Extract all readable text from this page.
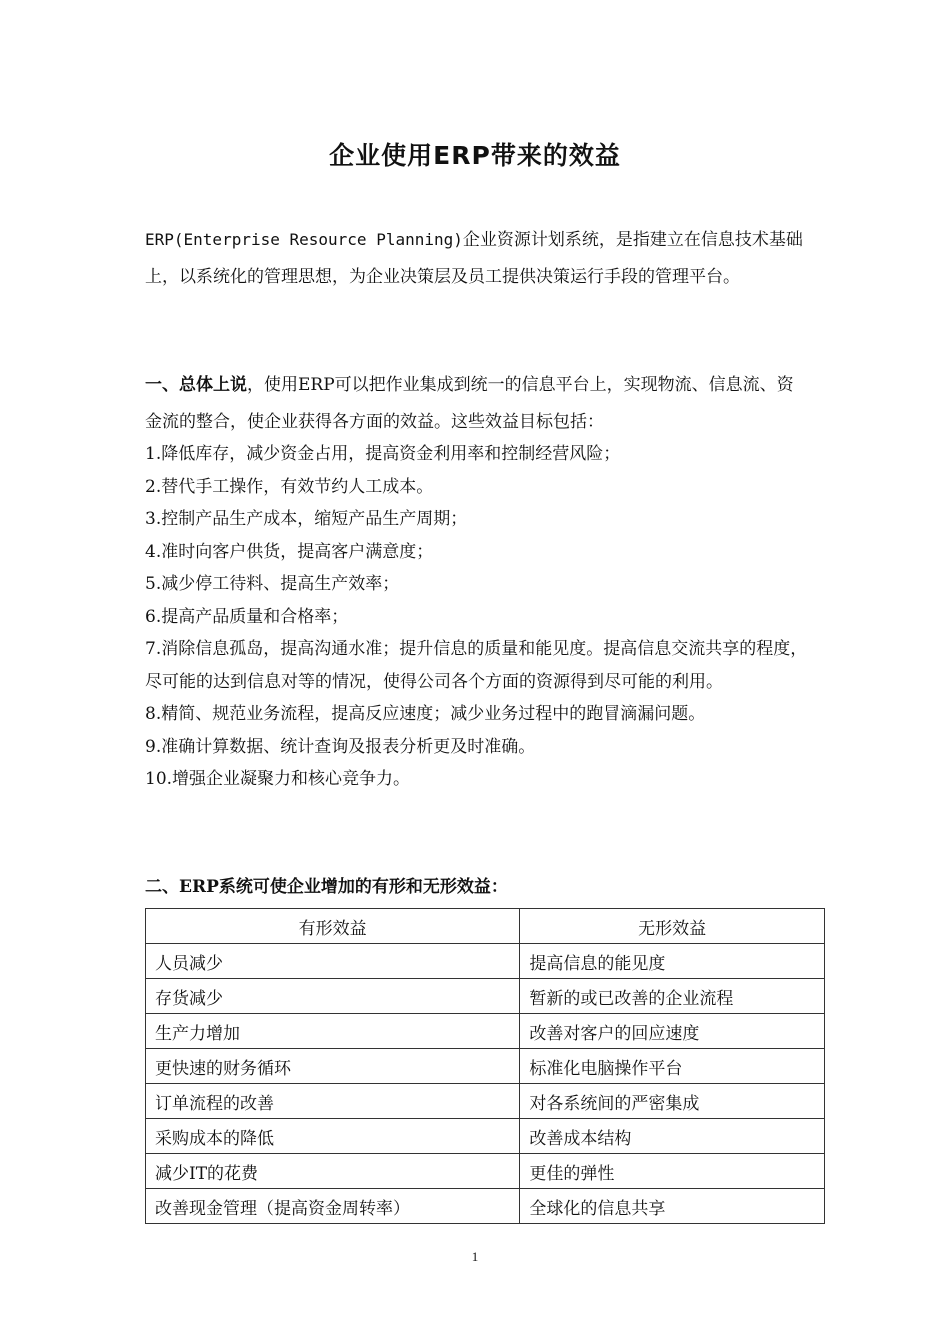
企业使用ERP带来的效益
ERP(Enterprise Resource Planning)企业资源计划系统，是指建立在信息技术基础上，以系统化的管理思想，为企业决策层及员工提供决策运行手段的管理平台。
一、总体上说，使用ERP可以把作业集成到统一的信息平台上，实现物流、信息流、资金流的整合，使企业获得各方面的效益。这些效益目标包括：
1.降低库存，减少资金占用，提高资金利用率和控制经营风险；
2.替代手工操作，有效节约人工成本。
3.控制产品生产成本，缩短产品生产周期；
4.准时向客户供货，提高客户满意度；
5.减少停工待料、提高生产效率；
6.提高产品质量和合格率；
7.消除信息孤岛，提高沟通水准；提升信息的质量和能见度。提高信息交流共享的程度，尽可能的达到信息对等的情况，使得公司各个方面的资源得到尽可能的利用。
8.精简、规范业务流程，提高反应速度；减少业务过程中的跑冒滴漏问题。
9.准确计算数据、统计查询及报表分析更及时准确。
10.增强企业凝聚力和核心竞争力。
二、ERP系统可使企业增加的有形和无形效益：
有形效益	无形效益
人员减少	提高信息的能见度
存货减少	暂新的或已改善的企业流程
生产力增加	改善对客户的回应速度
更快速的财务循环	标准化电脑操作平台
订单流程的改善	对各系统间的严密集成
采购成本的降低	改善成本结构
减少IT的花费	更佳的弹性
改善现金管理（提高资金周转率）	全球化的信息共享
1
